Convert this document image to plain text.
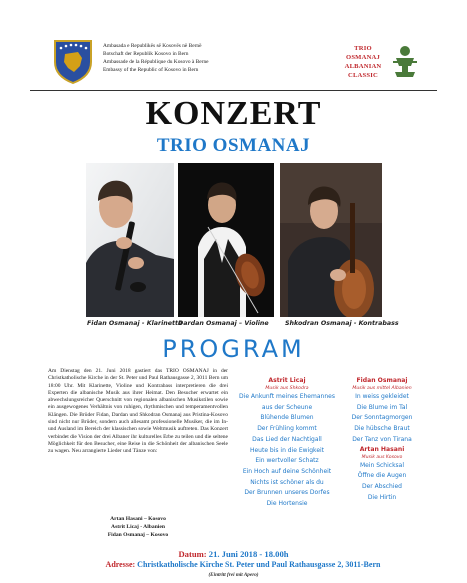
Ambasada e Republikës së Kosovës në Bernë
Botschaft der Republik Kosovo in Bern
Ambassade de la République du Kosovo à Berne
Embassy of the Republic of Kosovo in Bern
TRIO
OSMANAJ
ALBANIAN
CLASSIC
KONZERT
TRIO OSMANAJ
Fidan Osmanaj - Klarinette
Dardan Osmanaj – Violine	Shkodran Osmanaj - Kontrabass
PROGRAM
Am Dienstag den 21. Juni 2018 gastiert das TRIO OSMANAJ in der Christkatholische Kirche in der St. Peter und Paul Rathausgasse 2, 3011 Bern um 18:00 Uhr. Mit Klarinette, Violine und Kontrabass interpretieren die drei Experten die albanische Musik aus ihrer Heimat. Den Besucher erwartet ein abwechslungsreicher Querschnitt von regionalen albanischen Musikstilen sowie ein ausgewogenes Verhältnis von ruhigen, rhythmischen und temperamentvollen Klängen. Die Brüder Fidan, Dardan und Shkodran Osmanaj aus Pristina-Kosovo sind nicht nur Brüder, sondern auch allesamt professionelle Musiker, die im In- und Ausland im Bereich der klassischen sowie Weltmusik auftreten. Das Konzert verbindet die Vision der drei Albaner ihr kulturelles Erbe zu teilen und die seltene Möglichkeit für den Besucher, eine Reise in die Schönheit der albanischen Seele zu wagen. Neu arrangierte Lieder und Tänze von:
Artan Hasani – Kosovo
Astrit Licaj - Albanien
Fidan Osmanaj – Kosovo
Astrit Licaj
Musik aus Shkodra
Die Ankunft meines Ehemannes
aus der Scheune
Blühende Blumen
Der Frühling kommt
Das Lied der Nachtigall
Heute bis in die Ewigkeit
Ein wertvoller Schatz
Ein Hoch auf deine Schönheit
Nichts ist schöner als du
Der Brunnen unseres Dorfes
Die Hortensie
Fidan Osmanaj
Musik aus mittel Albanien
In weiss gekleidet
Die Blume im Tal
Der Sonntagmorgen
Die hübsche Braut
Der Tanz von Tirana
Artan Hasani
Musik aus Kosovo
Mein Schicksal
Öffne die Augen
Der Abschied
Die Hirtin
Datum: 21. Juni 2018 - 18.00h
Adresse: Christkatholische Kirche St. Peter und Paul Rathausgasse 2, 3011-Bern
(Eintritt frei mit Apero)
